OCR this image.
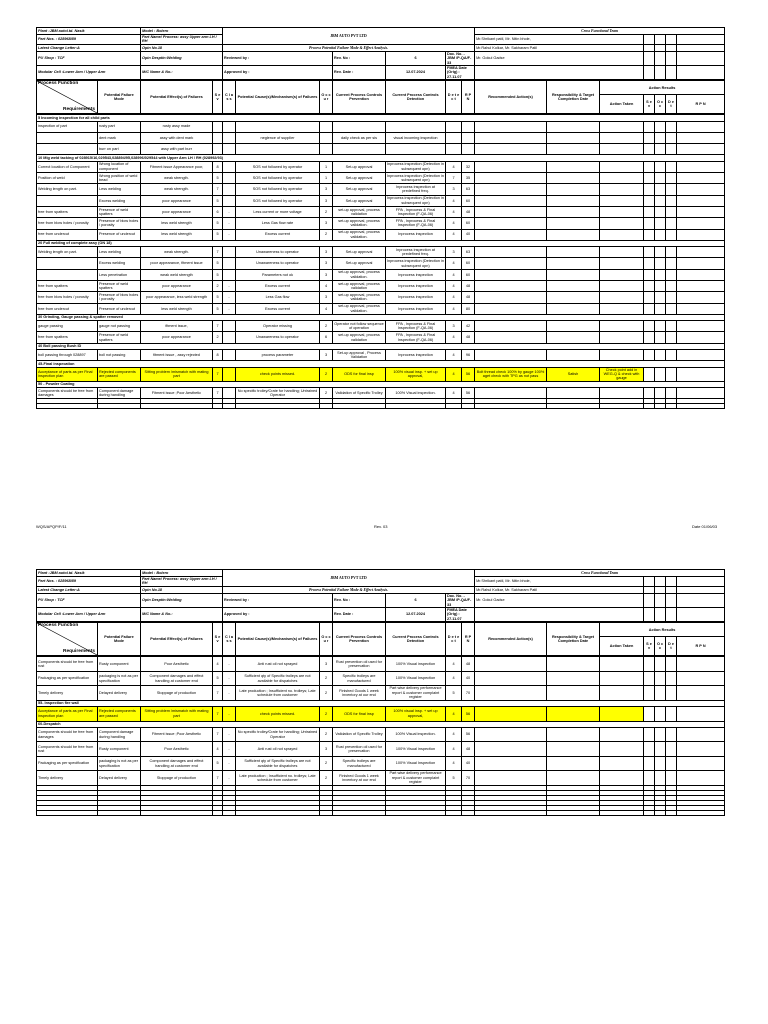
Plant :JBM autol.td. Nasik	Model : Bolero	JBM AUTO PVT LTD				Cross Functional Team				
Part Nos. : 028968/89	Part Name/ Process: assy Upper arm LH / RH					Mr.Shrikant patil, Mr. Nitin bhole,				
Latest Change Letter:A	Opin No.18	Process Potential Failure Mode & Effect Analysis.				Mr.Rahul Kolkar, Mr. Sakharam Patil				
PU Shop : TCF	Opin Desptin:Welding	Reviewed by :	Rev. No :	6	Doc. No. - JBM /P-QA/F-33	Mr. Gokul Gadse				
Modular Cell :Lower Arm / Upper Arm	M/C Name & No.:	Approved by :	Rev. Date :	12.07.2024	FMEA Date (Orig) : 27.11.07					
Process Function
Requirements	Potential Failure Mode	Potential Effect(s) of Failures	S e v	C l a s s	Potential Cause(s)/Mechanism(s) of Failures	O c c u r	Current Process Controls Prevention	Current Process Controls Detection	D e t e c t	R P N	Recommended Action(s)	Responsibility & Target Completion Date	Action Results				
													Action Taken	S e v	O c c	D e t	R P N
5 Incoming inspection for all child parts																	
inspection of part	rusty part	rusty assy made															
	dent mark	assy with dent mark			neglence of supplier		daily check as per sis	visual incoming inspection									
	burr on part	assy with part burr															
10 Mig weld tacking of 028915/16,029543,028894/95,028996/029544 with Upper Arm LH / RH (028992/93)																	
Correct location of Component	Wrong location of component	Fitment issue Appearance poor,	8		SOS not followed by operator	1	Set-up approval	Inprocess inspection (Detection in subsequent opn)	4	32							
Position of weld	Wrong position of weld bead	weak strength.	5		SOS not followed by operator	1	Set-up approval	Inprocess inspection (Detection in subsequent opn)	7	35							
Welding length on part.	Less welding	weak strength.	7		SOS not followed by operator	3	Set-up approval	Inprocess inspection at predefined freq.	3	63							
	Excess welding	poor appearance	5		SOS not followed by operator	3	Set-up approval	Inprocess inspection (Detection in subsequent opn)	4	60							
free from spatters	Presence of weld spatters	poor appearance	6	-	Less current or more voltage	2	set-up approval, process validation	FPA , Inprocess & Final Inspection (F-QA-06)	4	48							
free from blow holes / porosity	Presence of blow holes / porosity	less weld strength	5	-	Less Gas flow rate	3	set-up approval, process validation.	FPA , Inprocess & Final Inspection (F-QA-06)	4	60							
free from undercut	Presence of undercut	less weld strength	5	-	Excess current	2	set-up approval, process validation.	Inprocess inspection	4	40							
20 Full welding of complete assy (ON 18)																	
Welding length on part.	Less welding	weak strength.	7		Unawareness to operator	3	Set-up approval	Inprocess inspection at predefined freq.	3	63							
	Excess welding	poor appearance, fitment issue	5		Unawareness to operator	3	Set-up approval	Inprocess inspection (Detection in subsequent opn)	4	60							
	Less penetration	weak weld strength	5		Parameters not ok	3	set-up approval, process validation.	Inprocess inspection	4	60							
free from spatters	Presence of weld spatters	poor appearance	2	-	Excess current	4	set-up approval, process validation	Inprocess inspection	4	48							
free from blow holes / porosity	Presence of blow holes / porosity	poor appearance, less weld strength	5	-	Less Gas flow	3	set-up approval, process validation.	Inprocess inspection	4	48							
free from undercut	Presence of undercut	less weld strength	5	-	Excess current	4	set-up approval, process validation.	Inprocess inspection	4	80							
30 Grinding, Gauge passing & spatter removed																	
gauge passing	gauge not passing	fitment issue,	7		Operator missing	2	Operator not follow sequence of operation	FPA , Inprocess & Final Inspection (F-QA-06)	3	42							
free from spatters	Presence of weld spatters	poor appearance	2		Unawareness to operator	6	set-up approval, process validation	FPA , Inprocess & Final Inspection (F-QA-06)	4	48							
40 Boll passing Bush ID																	
boll passing through 028897	boll not passing	fitment issue , assy rejected	8		process parameter	3	Set-up approval , Process Validation	Inprocess inspection	4	96							
45-Final inspecation																	
Acceptance of parts as per Final inspection plan	Rejected components are passed	Sitting problem /mismatch with mating part	7		check points missed.	2	ODS for final insp	100% visual insp. + set up approval,	4	56	Bolt thread check 100% by gauge 100% aget check with TPG as not pass	Satish	Check point add in WEG-Q & check with gauge				
50 - Powder Coating																	
Components should be free from damages	Component damage during handling	Fitment issue ;Poor Aesthetic	7		No specific trolley/Crate for handling; Untrained Operator	2	Validation of Specific Trolley	100% Visual inspection.	4	56							

WQS/APQP/F/11	Rev. 03	Date 01/06/03
Plant :JBM autol.td. Nasik	Model : Bolero	JBM AUTO PVT LTD				Cross Functional Team				
Part Nos. : 028968/89	Part Name/ Process: assy Upper arm LH / RH					Mr.Shrikant patil, Mr. Nitin bhole,				
Latest Change Letter:A	Opin No.18	Process Potential Failure Mode & Effect Analysis.				Mr.Rahul Kolkar, Mr. Sakharam Patil				
PU Shop : TCF	Opin Desptin:Welding	Reviewed by :	Rev. No :	6	Doc. No. - JBM /P-QA/F-33	Mr. Gokul Gadse				
Modular Cell :Lower Arm / Upper Arm	M/C Name & No.:	Approved by :	Rev. Date :	12.07.2024	FMEA Date (Orig) : 27.11.07					
Process Function
Requirements	Potential Failure Mode	Potential Effect(s) of Failures	S e v	C l a s s	Potential Cause(s)/Mechanism(s) of Failures	O c c u r	Current Process Controls Prevention	Current Process Controls Detection	D e t e c t	R P N	Recommended Action(s)	Responsibility & Target Completion Date	Action Results				
													Action Taken	S e v	O c c	D e t	R P N
Components should be free from rust	Rusty component	Poor Aesthetic	4	-	Anti rust oil not sprayed	3	Rust prevention oil used for preservation	100% Visual inspection	4	48							
Packaging as per specification	packaging is not as per specification	Component damages and effect handling at customer end	5	-	Sufficient qty of Specific trolleys are not available for dispatches	2	Specific trolleys are manufactured	100% Visual Inspection	4	40							
Timely delivery	Delayed delivery	Stoppage of production	7	-	Late production ; Insufficient no. trolleys; Late schedule from customer	2	Finished Goods 1 week inventory at our end	Part wise delivery performance report & customer complaint register	5	70							
55- Inspection fire wall																	
Acceptance of parts as per Final inspection plan	Rejected components are passed	Sitting problem /mismatch with mating part	7	-	check points missed.	2	ODS for final insp	100% visual insp. + set up approval,	4	56							
60-Despatch																	
Components should be free from damages	Component damage during handling	Fitment issue ;Poor Aesthetic	7	-	No specific trolley/Crate for handling; Untrained Operator	2	Validation of Specific Trolley	100% Visual inspection.	4	56							
Components should be free from rust	Rusty component	Poor Aesthetic	4	-	Anti rust oil not sprayed	3	Rust prevention oil used for preservation	100% Visual inspection	4	48							
Packaging as per specification	packaging is not as per specification	Component damages and effect handling at customer end	5	-	Sufficient qty of Specific trolleys are not available for dispatches	2	Specific trolleys are manufactured	100% Visual Inspection	4	40							
Timely delivery	Delayed delivery	Stoppage of production	7	-	Late production ; Insufficient no. trolleys; Late schedule from customer	2	Finished Goods 1 week inventory at our end	Part wise delivery performance report & customer complaint register	5	70							
